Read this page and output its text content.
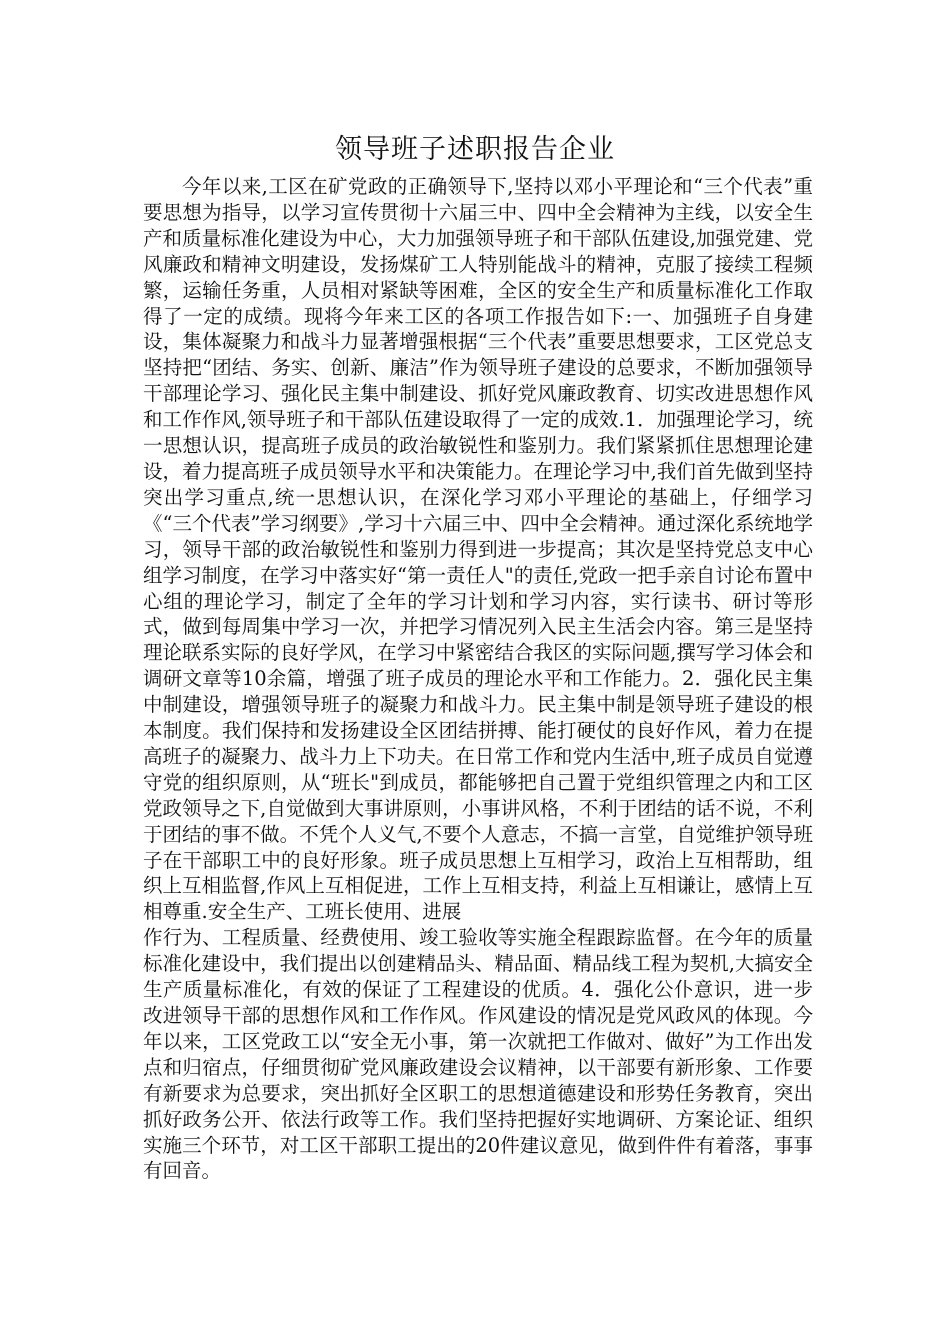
领导班子述职报告企业

今年以来,工区在矿党政的正确领导下,坚持以邓小平理论和“三个代表”重要思想为指导，以学习宣传贯彻十六届三中、四中全会精神为主线，以安全生产和质量标准化建设为中心，大力加强领导班子和干部队伍建设,加强党建、党风廉政和精神文明建设，发扬煤矿工人特别能战斗的精神，克服了接续工程频繁，运输任务重，人员相对紧缺等困难，全区的安全生产和质量标准化工作取得了一定的成绩。现将今年来工区的各项工作报告如下:一、加强班子自身建设，集体凝聚力和战斗力显著增强根据“三个代表”重要思想要求，工区党总支坚持把“团结、务实、创新、廉洁”作为领导班子建设的总要求，不断加强领导干部理论学习、强化民主集中制建设、抓好党风廉政教育、切实改进思想作风和工作作风,领导班子和干部队伍建设取得了一定的成效.1．加强理论学习，统一思想认识，提高班子成员的政治敏锐性和鉴别力。我们紧紧抓住思想理论建设，着力提高班子成员领导水平和决策能力。在理论学习中,我们首先做到坚持突出学习重点,统一思想认识，在深化学习邓小平理论的基础上，仔细学习《“三个代表”学习纲要》,学习十六届三中、四中全会精神。通过深化系统地学习，领导干部的政治敏锐性和鉴别力得到进一步提高；其次是坚持党总支中心组学习制度，在学习中落实好“第一责任人"的责任,党政一把手亲自讨论布置中心组的理论学习，制定了全年的学习计划和学习内容，实行读书、研讨等形式，做到每周集中学习一次，并把学习情况列入民主生活会内容。第三是坚持理论联系实际的良好学风，在学习中紧密结合我区的实际问题,撰写学习体会和调研文章等10余篇，增强了班子成员的理论水平和工作能力。2．强化民主集中制建设，增强领导班子的凝聚力和战斗力。民主集中制是领导班子建设的根本制度。我们保持和发扬建设全区团结拼搏、能打硬仗的良好作风，着力在提高班子的凝聚力、战斗力上下功夫。在日常工作和党内生活中,班子成员自觉遵守党的组织原则，从“班长"到成员，都能够把自己置于党组织管理之内和工区党政领导之下,自觉做到大事讲原则，小事讲风格，不利于团结的话不说，不利于团结的事不做。不凭个人义气,不要个人意志，不搞一言堂，自觉维护领导班子在干部职工中的良好形象。班子成员思想上互相学习，政治上互相帮助，组织上互相监督,作风上互相促进，工作上互相支持，利益上互相谦让，感情上互相尊重.安全生产、工班长使用、进展

作行为、工程质量、经费使用、竣工验收等实施全程跟踪监督。在今年的质量标准化建设中，我们提出以创建精品头、精品面、精品线工程为契机,大搞安全生产质量标准化，有效的保证了工程建设的优质。4．强化公仆意识，进一步改进领导干部的思想作风和工作作风。作风建设的情况是党风政风的体现。今年以来，工区党政工以“安全无小事，第一次就把工作做对、做好”为工作出发点和归宿点，仔细贯彻矿党风廉政建设会议精神，以干部要有新形象、工作要有新要求为总要求，突出抓好全区职工的思想道德建设和形势任务教育，突出抓好政务公开、依法行政等工作。我们坚持把握好实地调研、方案论证、组织实施三个环节，对工区干部职工提出的20件建议意见，做到件件有着落，事事有回音。
